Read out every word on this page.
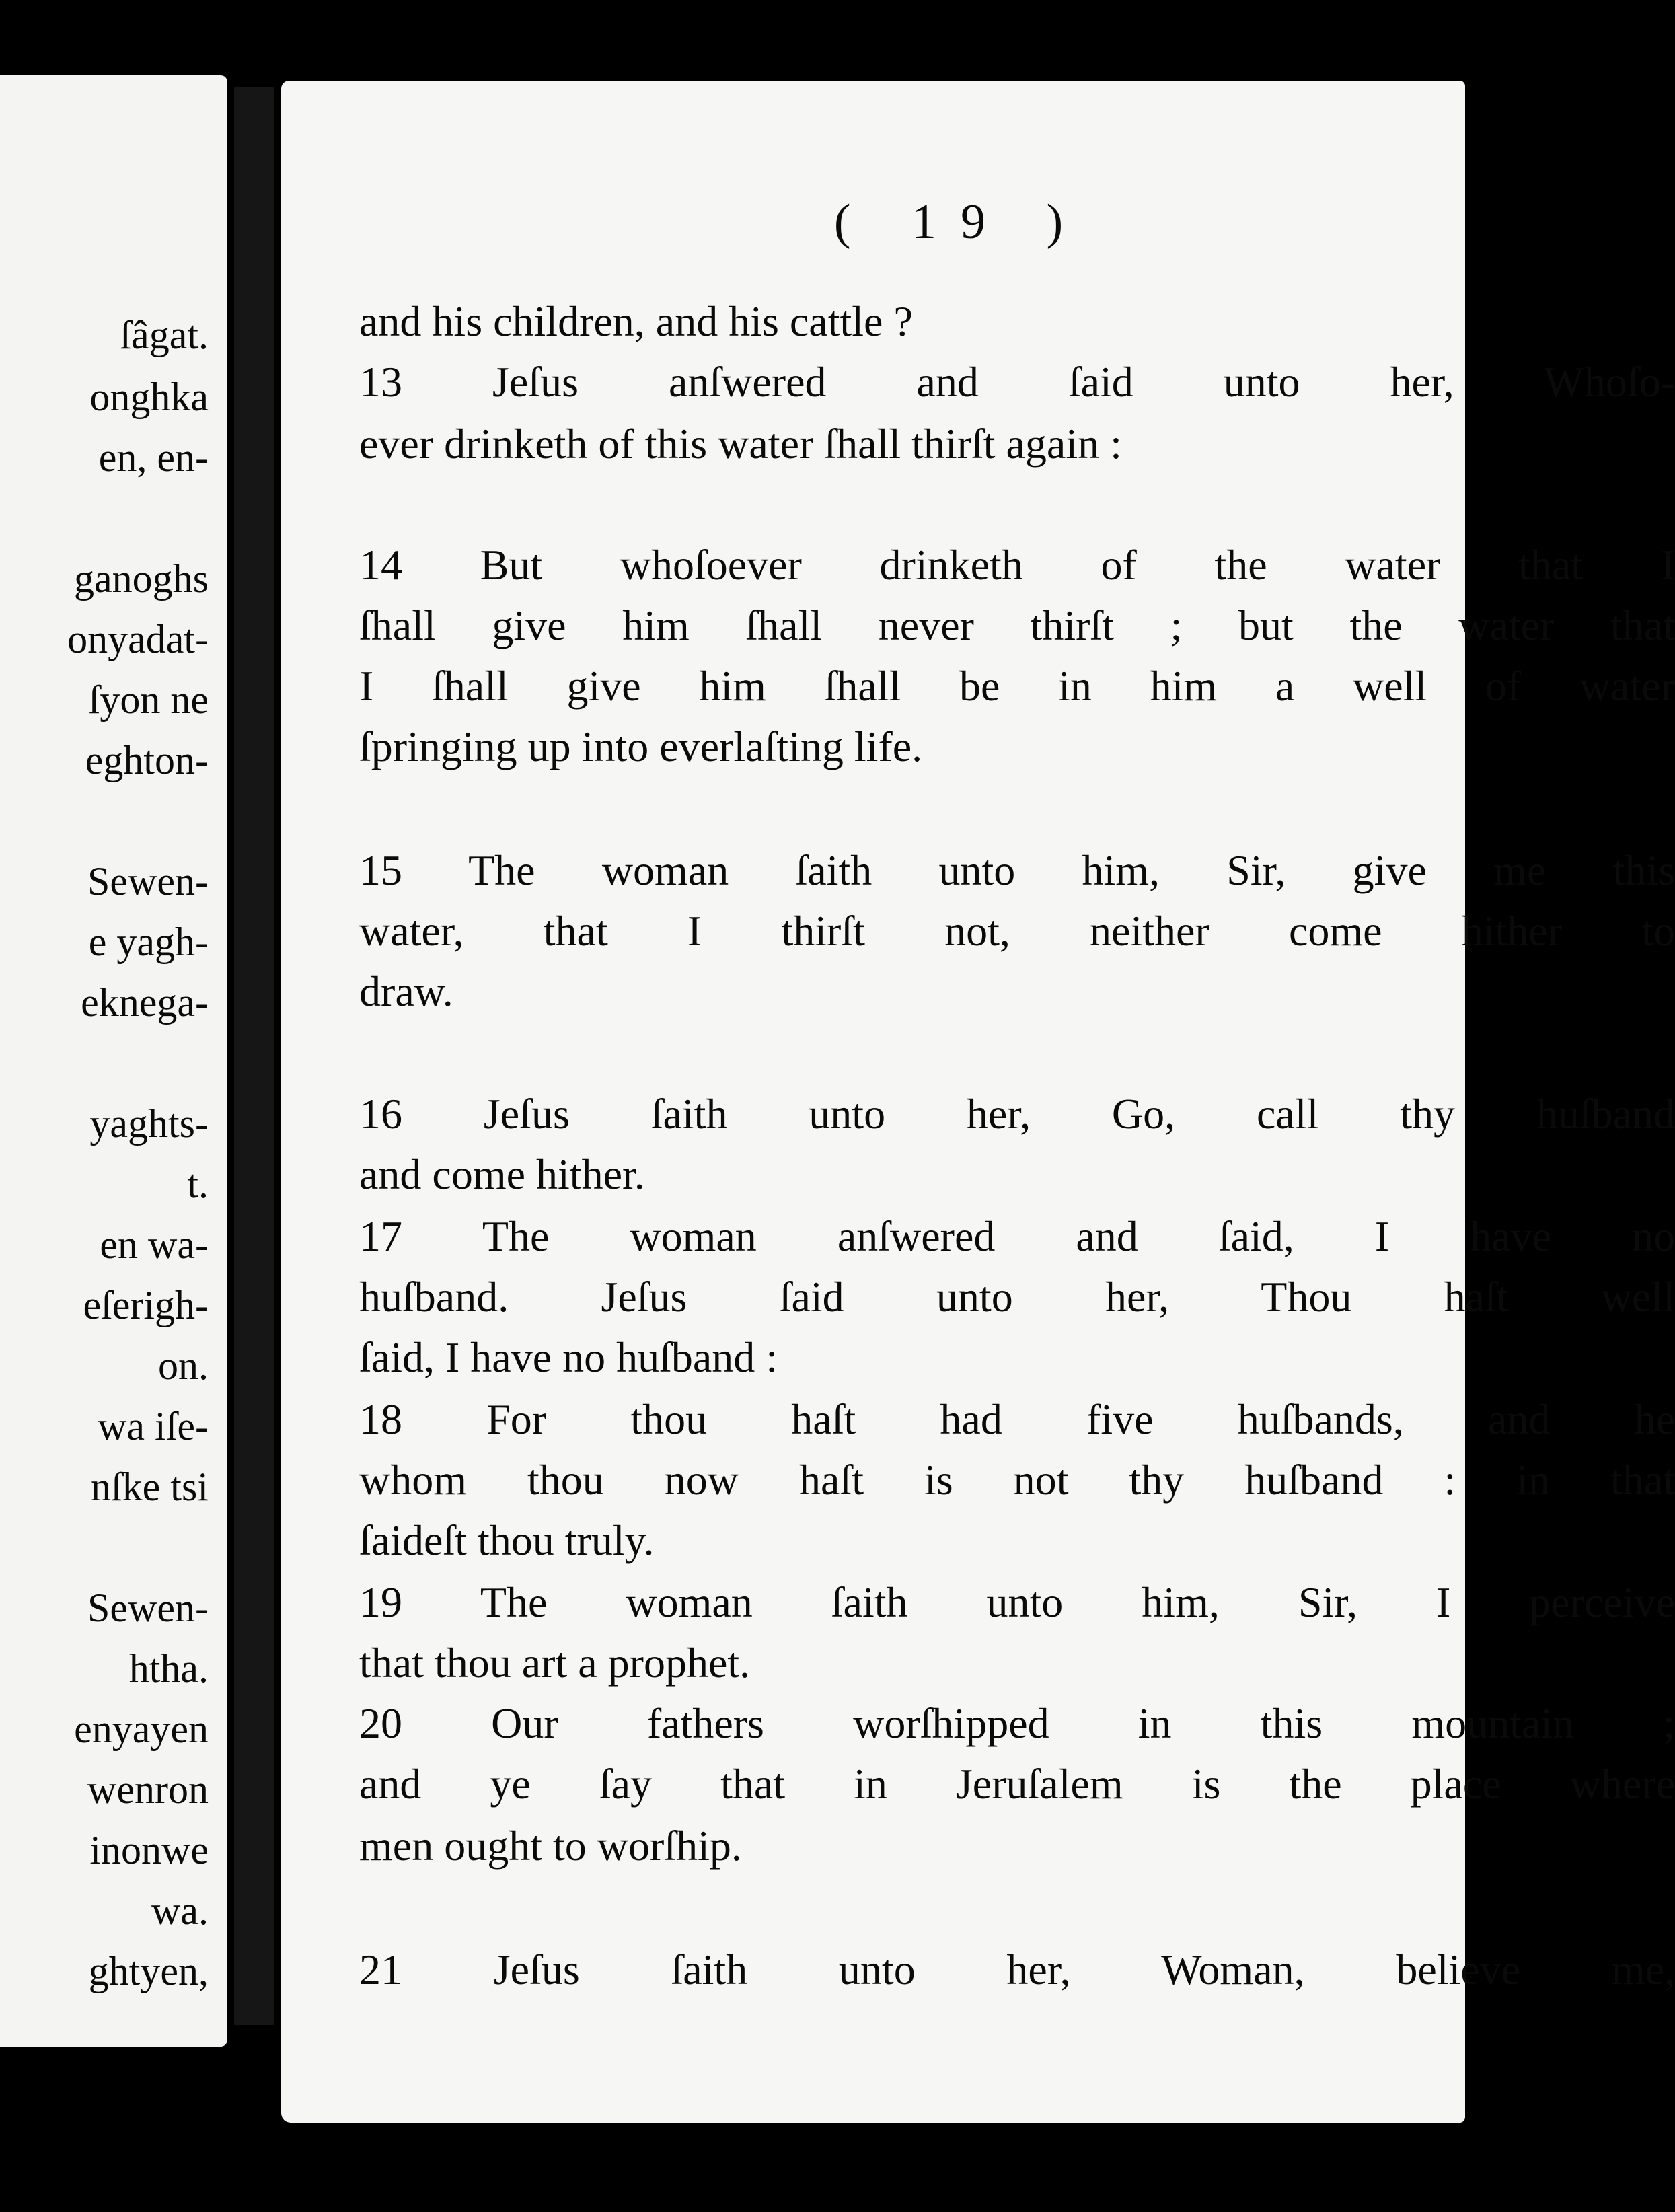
ſâgat.
onghka
en, en-
ganoghs
onyadat-
ſyon ne
eghton-
Sewen-
e yagh-
eknega-
yaghts-
t.
en wa-
eſerigh-
on.
wa iſe-
nſke tsi
Sewen-
htha.
enyayen
wenron
inonwe
wa.
ghtyen,
( 19 )
and his children, and his cattle ?
13 Jeſus anſwered and ſaid unto her, Whoſo-
ever drinketh of this water ſhall thirſt again :
14 But whoſoever drinketh of the water that I
ſhall give him ſhall never thirſt ; but the water that
I ſhall give him ſhall be in him a well of water
ſpringing up into everlaſting life.
15 The woman ſaith unto him, Sir, give me this
water, that I thirſt not, neither come hither to
draw.
16 Jeſus ſaith unto her, Go, call thy huſband
and come hither.
17 The woman anſwered and ſaid, I have no
huſband. Jeſus ſaid unto her, Thou haſt well
ſaid, I have no huſband :
18 For thou haſt had five huſbands, and he
whom thou now haſt is not thy huſband : in that
ſaideſt thou truly.
19 The woman ſaith unto him, Sir, I perceive
that thou art a prophet.
20 Our fathers worſhipped in this mountain ;
and ye ſay that in Jeruſalem is the place where
men ought to worſhip.
21 Jeſus ſaith unto her, Woman, believe me,
